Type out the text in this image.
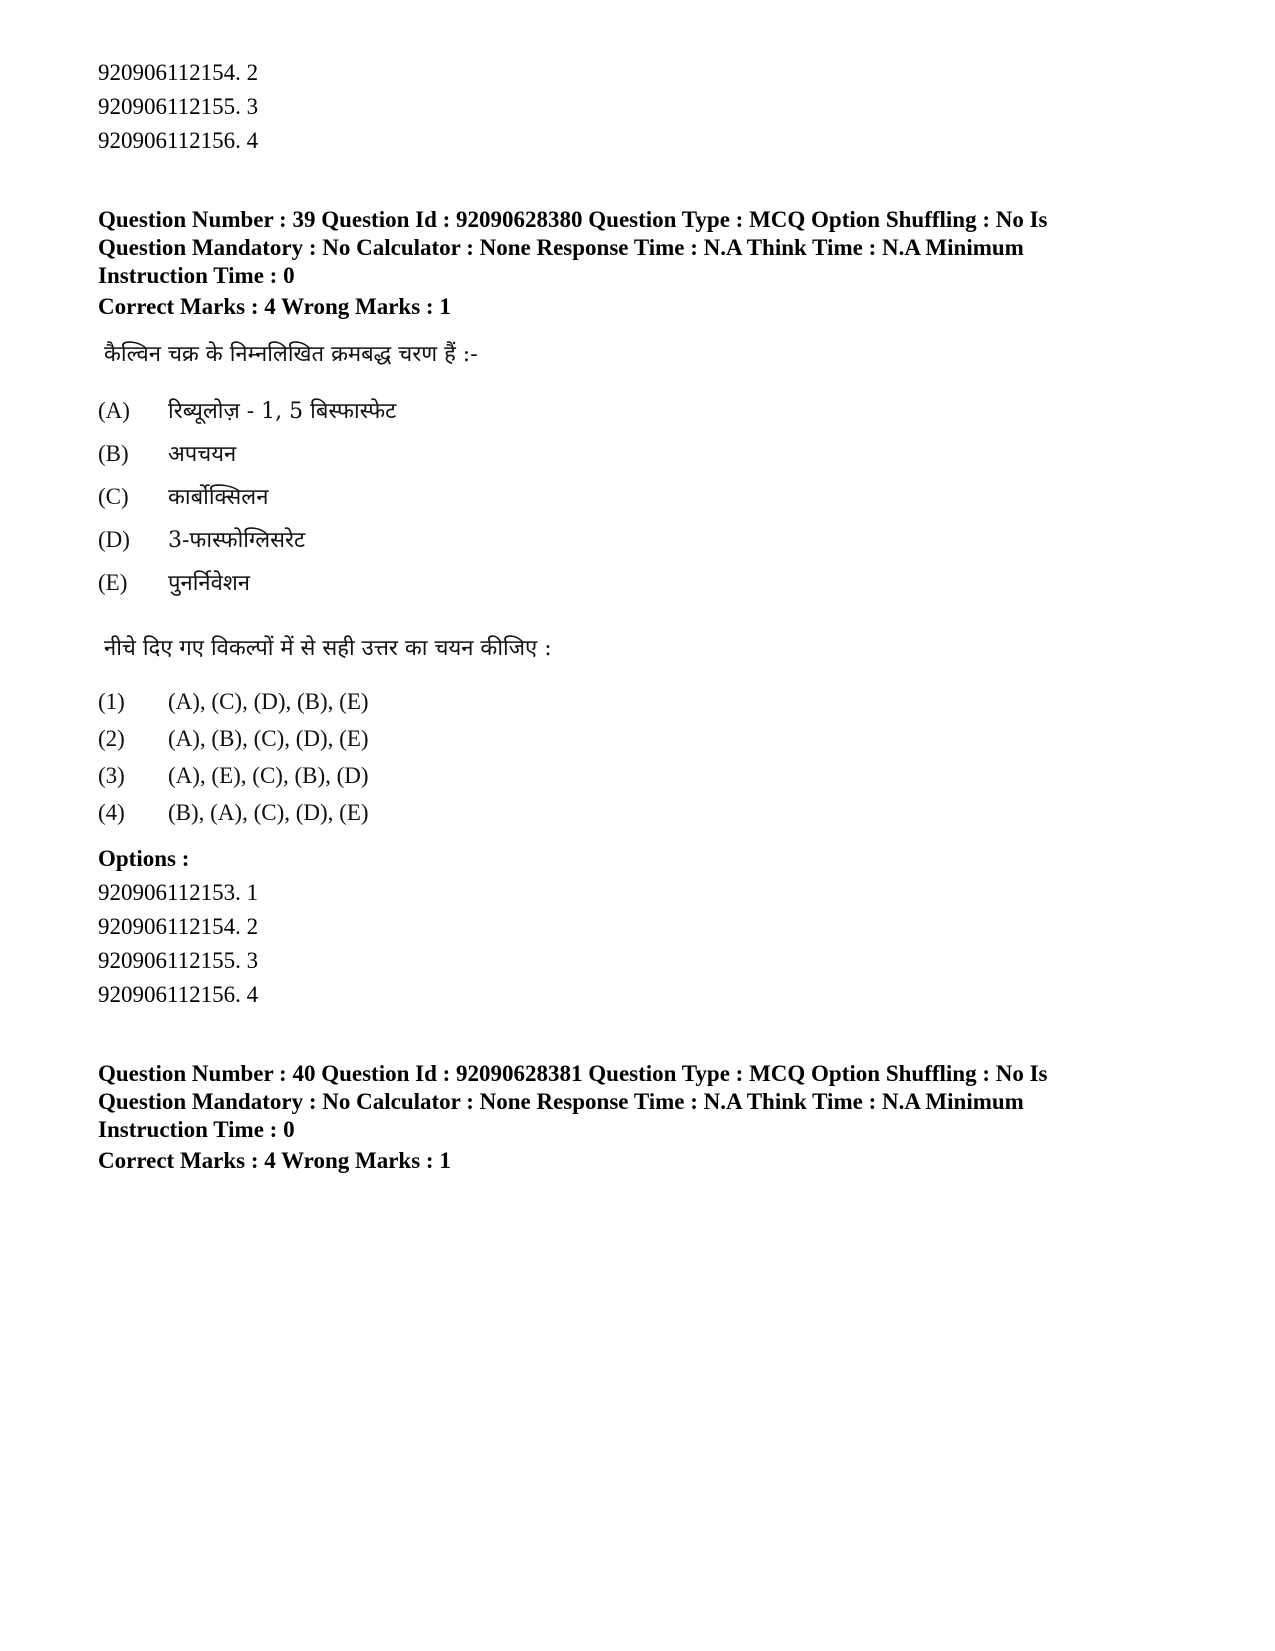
920906112154. 2
920906112155. 3
920906112156. 4
Question Number : 39 Question Id : 92090628380 Question Type : MCQ Option Shuffling : No Is
Question Mandatory : No Calculator : None Response Time : N.A Think Time : N.A Minimum
Instruction Time : 0
Correct Marks : 4 Wrong Marks : 1
कैल्विन चक्र के निम्नलिखित क्रमबद्ध चरण हैं :-
(A) रिब्यूलोज़ - 1, 5 बिस्फास्फेट
(B) अपचयन
(C) कार्बोक्सिलन
(D) 3-फास्फोग्लिसरेट
(E) पुनर्निवेशन
नीचे दिए गए विकल्पों में से सही उत्तर का चयन कीजिए :
(1) (A), (C), (D), (B), (E)
(2) (A), (B), (C), (D), (E)
(3) (A), (E), (C), (B), (D)
(4) (B), (A), (C), (D), (E)
Options :
920906112153. 1
920906112154. 2
920906112155. 3
920906112156. 4
Question Number : 40 Question Id : 92090628381 Question Type : MCQ Option Shuffling : No Is
Question Mandatory : No Calculator : None Response Time : N.A Think Time : N.A Minimum
Instruction Time : 0
Correct Marks : 4 Wrong Marks : 1
